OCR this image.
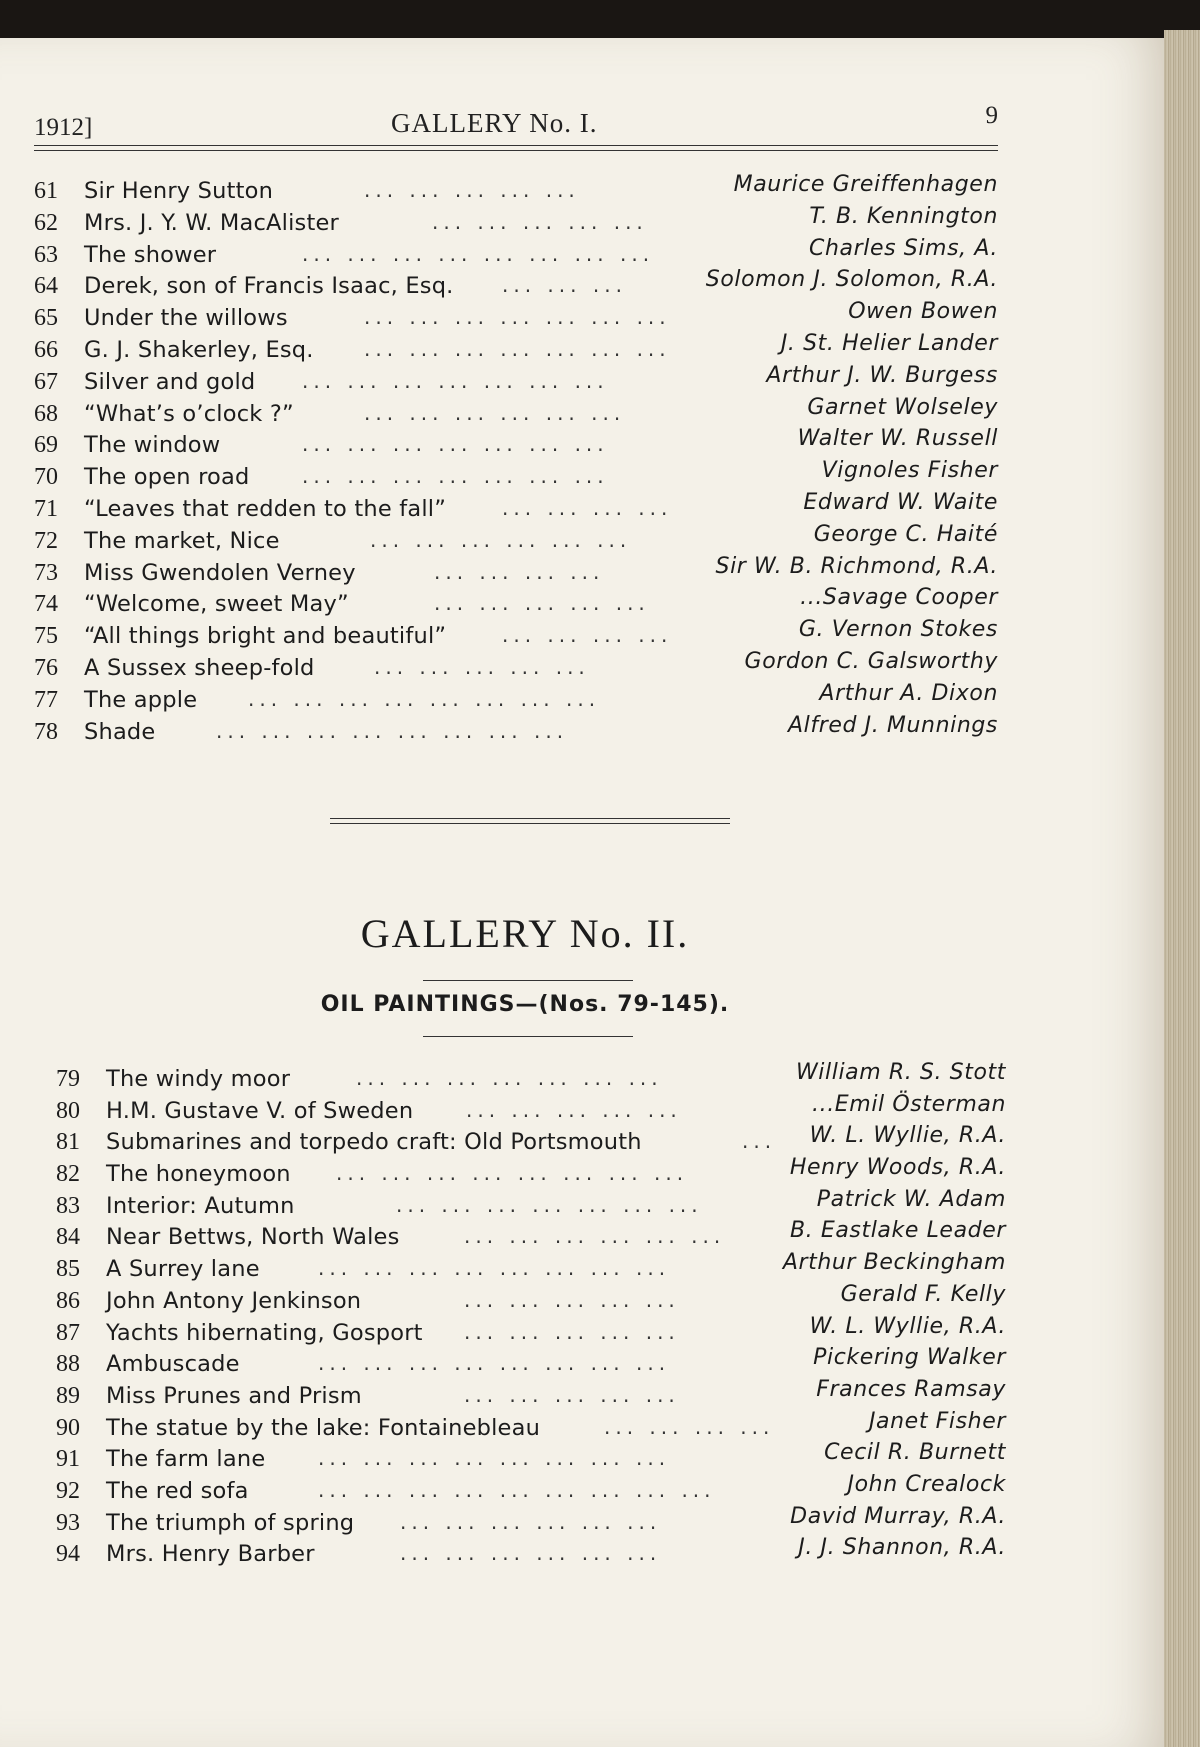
1912]	GALLERY No. I.	9
61	Sir Henry Sutton	... ... ... ... ...	Maurice Greiffenhagen
62	Mrs. J. Y. W. MacAlister	... ... ... ... ...	T. B. Kennington
63	The shower	... ... ... ... ... ... ... ...	Charles Sims, A.
64	Derek, son of Francis Isaac, Esq. ... ... ...	Solomon J. Solomon, R.A.
65	Under the willows	... ... ... ... ... ... ...	Owen Bowen
66	G. J. Shakerley, Esq.	... ... ... ... ... ... ...	J. St. Helier Lander
67	Silver and gold ... ... ... ... ... ... ...	Arthur J. W. Burgess
68	“What’s o’clock ?”	... ... ... ... ... ...	Garnet Wolseley
69	The window	... ... ... ... ... ... ...	Walter W. Russell
70	The open road	... ... ... ... ... ... ...	Vignoles Fisher
71	“Leaves that redden to the fall”	... ... ... ...	Edward W. Waite
72	The market, Nice	... ... ... ... ... ...	George C. Haité
73	Miss Gwendolen Verney	... ... ... ...	Sir W. B. Richmond, R.A.
74	“Welcome, sweet May”	... ... ... ... ...	...Savage Cooper
75	“All things bright and beautiful”	... ... ... ...	G. Vernon Stokes
76	A Sussex sheep-fold	... ... ... ... ...	Gordon C. Galsworthy
77	The apple	... ... ... ... ... ... ... ...	Arthur A. Dixon
78	Shade	... ... ... ... ... ... ... ...	Alfred J. Munnings
GALLERY No. II.
OIL PAINTINGS—(Nos. 79-145).
79	The windy moor	... ... ... ... ... ... ...	William R. S. Stott
80	H.M. Gustave V. of Sweden	... ... ... ... ...	...Emil Österman
81	Submarines and torpedo craft: Old Portsmouth	... W. L. Wyllie, R.A.
82	The honeymoon ... ... ... ... ... ... ... ...	Henry Woods, R.A.
83	Interior: Autumn	... ... ... ... ... ... ...	Patrick W. Adam
84	Near Bettws, North Wales	... ... ... ... ... ...	B. Eastlake Leader
85	A Surrey lane	... ... ... ... ... ... ... ...	Arthur Beckingham
86	John Antony Jenkinson	... ... ... ... ...	Gerald F. Kelly
87	Yachts hibernating, Gosport ... ... ... ... ...	W. L. Wyllie, R.A.
88	Ambuscade	... ... ... ... ... ... ... ...	Pickering Walker
89	Miss Prunes and Prism	... ... ... ... ...	Frances Ramsay
90	The statue by the lake: Fontainebleau	... ... ... ...	Janet Fisher
91	The farm lane	... ... ... ... ... ... ... ...	Cecil R. Burnett
92	The red sofa	... ... ... ... ... ... ... ... ...	John Crealock
93	The triumph of spring ... ... ... ... ... ...	David Murray, R.A.
94	Mrs. Henry Barber	... ... ... ... ... ...	J. J. Shannon, R.A.
